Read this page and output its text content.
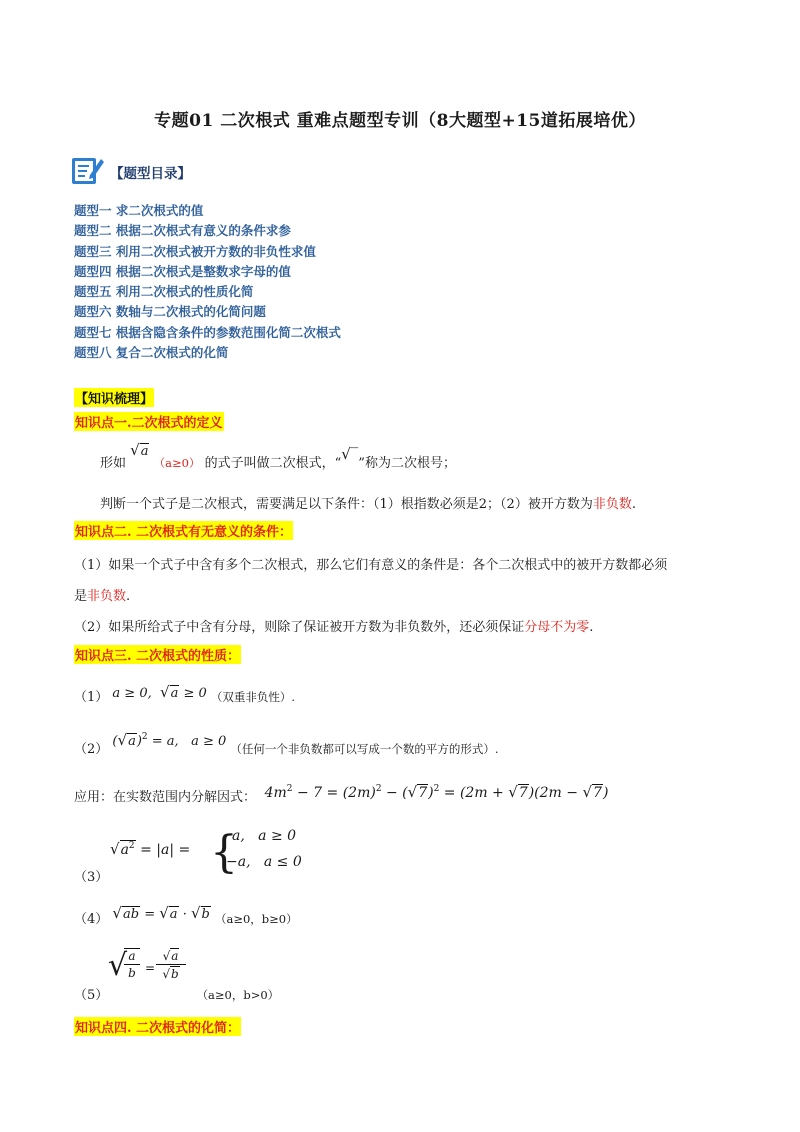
专题01 二次根式 重难点题型专训（8大题型+15道拓展培优）
【题型目录】
题型一 求二次根式的值
题型二 根据二次根式有意义的条件求参
题型三 利用二次根式被开方数的非负性求值
题型四 根据二次根式是整数求字母的值
题型五 利用二次根式的性质化简
题型六 数轴与二次根式的化简问题
题型七 根据含隐含条件的参数范围化简二次根式
题型八 复合二次根式的化简
【知识梳理】
知识点一.二次根式的定义
形如 √a （a≥0） 的式子叫做二次根式，“√‾”称为二次根号；
判断一个式子是二次根式，需要满足以下条件：（1）根指数必须是2；（2）被开方数为非负数.
知识点二. 二次根式有无意义的条件：
（1）如果一个式子中含有多个二次根式，那么它们有意义的条件是：各个二次根式中的被开方数都必须
是非负数.
（2）如果所给式子中含有分母，则除了保证被开方数为非负数外，还必须保证分母不为零.
知识点三. 二次根式的性质：
（1） a ≥ 0,  √a ≥ 0 （双重非负性）.
（2） $(√a)^2 = a$,   a ≥ 0 （任何一个非负数都可以写成一个数的平方的形式）.
应用：在实数范围内分解因式：  $4m^2 - 7 = (2m)^2 - (√7)^2 = (2m + √7)(2m - √7)$
$√a^2 = |a|$ = {
a,   a ≥ 0
−a,   a ≤ 0
（3）
（4） √ab = √a · √b （a≥0，b≥0）
√ a
b =
√a
√b
（5）	（a≥0，b>0）
知识点四. 二次根式的化简：
